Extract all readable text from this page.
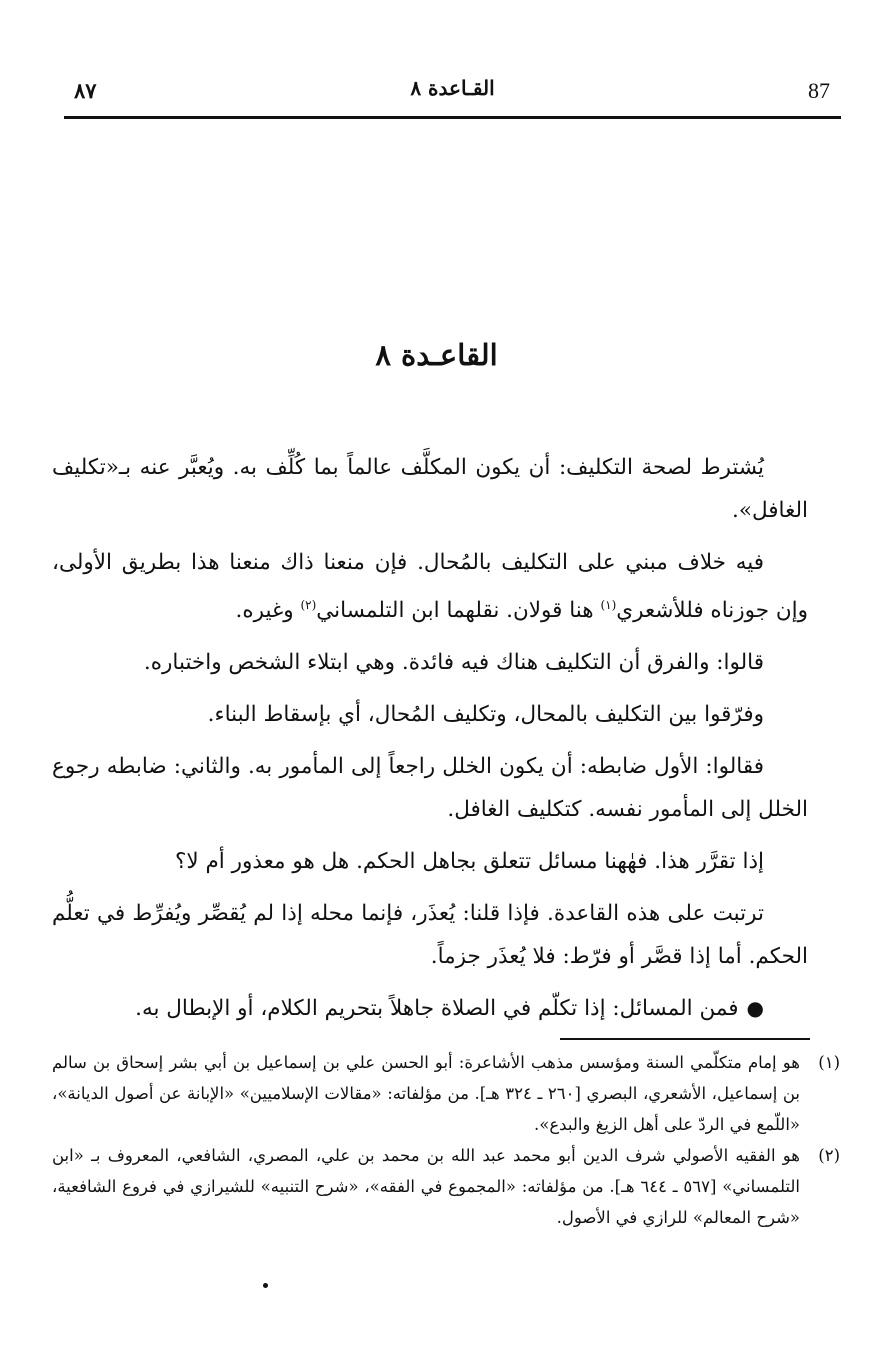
87
القـاعدة ٨
٨٧
القاعـدة ٨

يُشترط لصحة التكليف: أن يكون المكلَّف عالماً بما كُلِّف به. ويُعبَّر عنه بـ«تكليف الغافل».

فيه خلاف مبني على التكليف بالمُحال. فإن منعنا ذاك منعنا هذا بطريق الأولى، وإن جوزناه فللأشعري$^{(١)}$ هنا قولان. نقلهما ابن التلمساني$^{(٢)}$ وغيره.

قالوا: والفرق أن التكليف هناك فيه فائدة. وهي ابتلاء الشخص واختباره.

وفرّقوا بين التكليف بالمحال، وتكليف المُحال، أي بإسقاط البناء.

فقالوا: الأول ضابطه: أن يكون الخلل راجعاً إلى المأمور به. والثاني: ضابطه رجوع الخلل إلى المأمور نفسه. كتكليف الغافل.

إذا تقرَّر هذا. فهٰهنا مسائل تتعلق بجاهل الحكم. هل هو معذور أم لا؟

ترتبت على هذه القاعدة. فإذا قلنا: يُعذَر، فإنما محله إذا لم يُقصِّر ويُفرِّط في تعلُّم الحكم. أما إذا قصَّر أو فرّط: فلا يُعذَر جزماً.

●فمن المسائل: إذا تكلّم في الصلاة جاهلاً بتحريم الكلام، أو الإبطال به.

(١)
هو إمام متكلّمي السنة ومؤسس مذهب الأشاعرة: أبو الحسن علي بن إسماعيل بن أبي بشر إسحاق بن سالم بن إسماعيل، الأشعري، البصري [٢٦٠ ـ ٣٢٤ هـ]. من مؤلفاته: «مقالات الإسلاميين» «الإبانة عن أصول الديانة»، «اللّمع في الردّ على أهل الزيغ والبدع».
(٢)
هو الفقيه الأصولي شرف الدين أبو محمد عبد الله بن محمد بن علي، المصري، الشافعي، المعروف بـ «ابن التلمساني» [٥٦٧ ـ ٦٤٤ هـ]. من مؤلفاته: «المجموع في الفقه»، «شرح التنبيه» للشيرازي في فروع الشافعية، «شرح المعالم» للرازي في الأصول.
